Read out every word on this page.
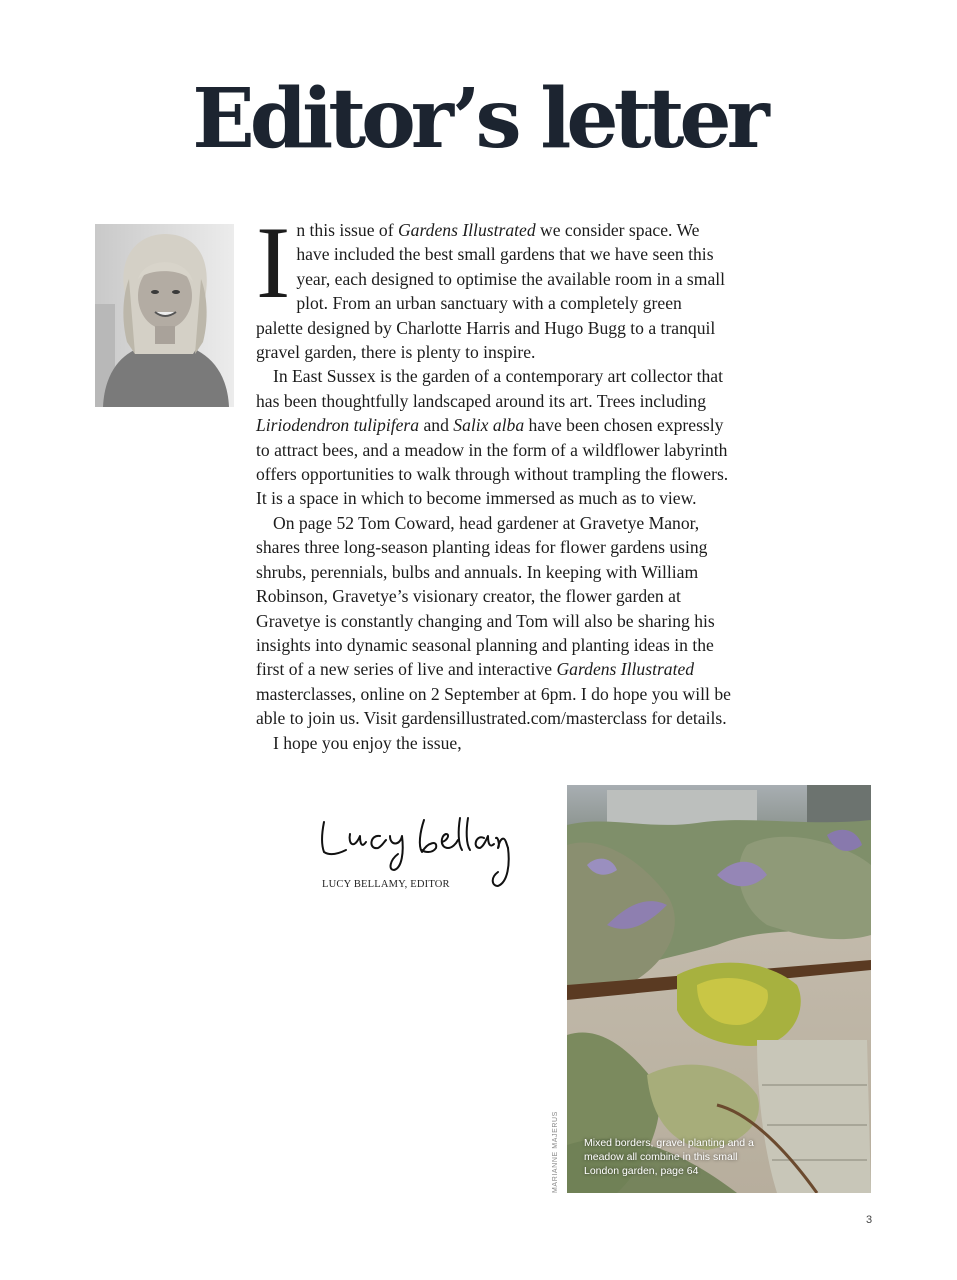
Editor’s letter

In this issue of Gardens Illustrated we consider space. We have included the best small gardens that we have seen this year, each designed to optimise the available room in a small plot. From an urban sanctuary with a completely green palette designed by Charlotte Harris and Hugo Bugg to a tranquil gravel garden, there is plenty to inspire.

In East Sussex is the garden of a contemporary art collector that has been thoughtfully landscaped around its art. Trees including Liriodendron tulipifera and Salix alba have been chosen expressly to attract bees, and a meadow in the form of a wildflower labyrinth offers opportunities to walk through without trampling the flowers. It is a space in which to become immersed as much as to view.

On page 52 Tom Coward, head gardener at Gravetye Manor, shares three long-season planting ideas for flower gardens using shrubs, perennials, bulbs and annuals. In keeping with William Robinson, Gravetye’s visionary creator, the flower garden at Gravetye is constantly changing and Tom will also be sharing his insights into dynamic seasonal planning and planting ideas in the first of a new series of live and interactive Gardens Illustrated masterclasses, online on 2 September at 6pm. I do hope you will be able to join us. Visit gardensillustrated.com/masterclass for details.

I hope you enjoy the issue,

LUCY BELLAMY, EDITOR
Mixed borders, gravel planting and a meadow all combine in this small London garden, page 64
MARIANNE MAJERUS
3
